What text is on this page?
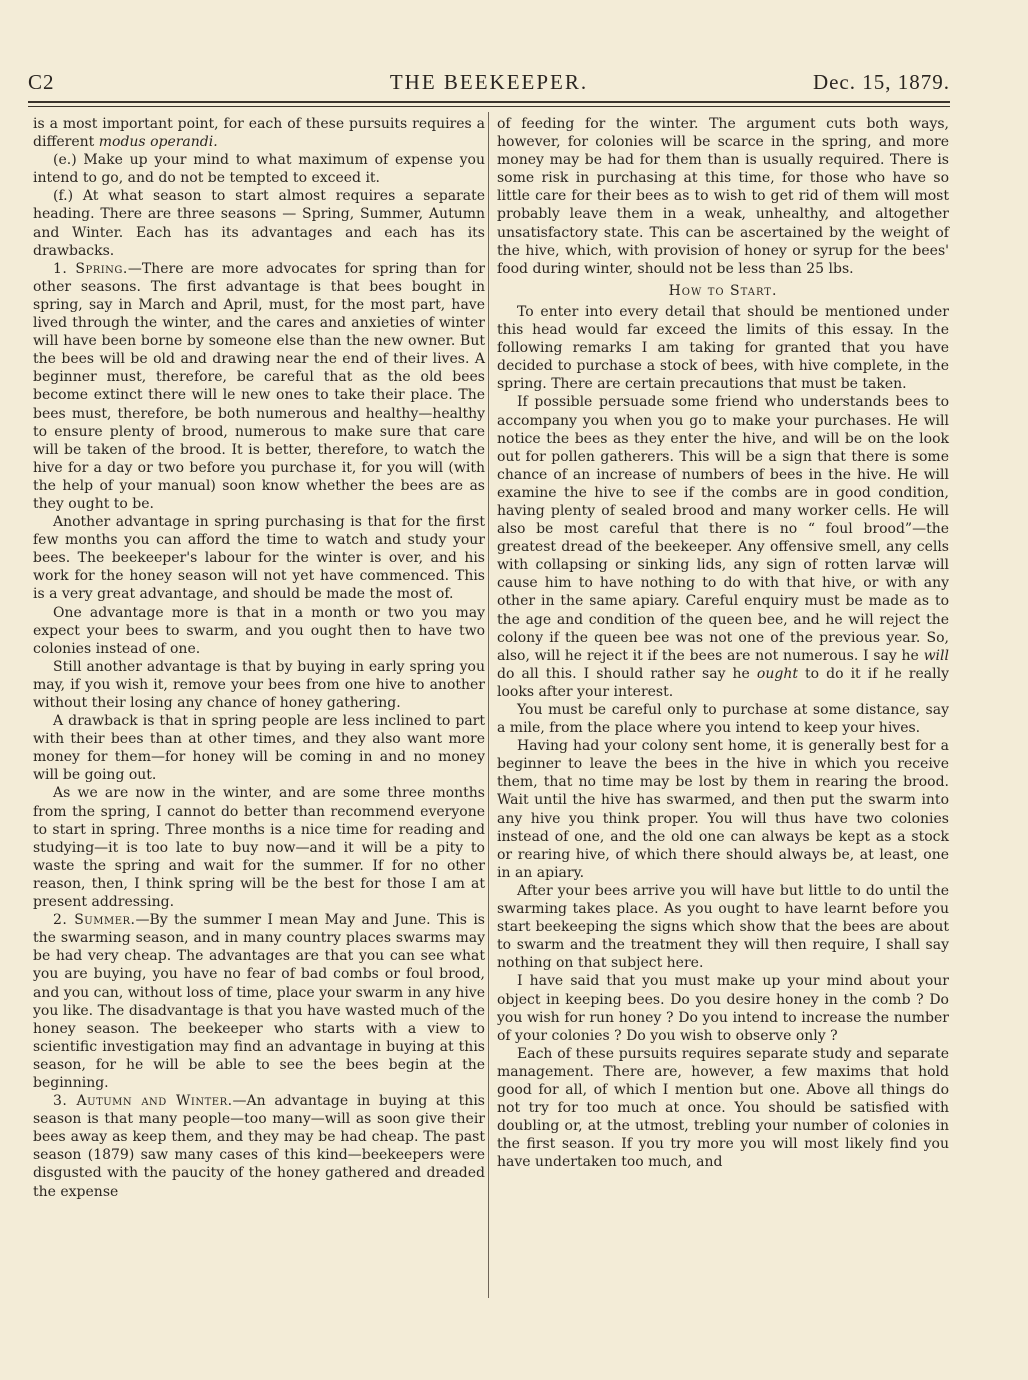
C2	THE BEEKEEPER.	Dec. 15, 1879.

is a most important point, for each of these pursuits requires a different modus operandi.

(e.) Make up your mind to what maximum of expense you intend to go, and do not be tempted to exceed it.

(f.) At what season to start almost requires a separate heading. There are three seasons — Spring, Summer, Autumn and Winter. Each has its advantages and each has its drawbacks.

1. Spring.—There are more advocates for spring than for other seasons. The first advantage is that bees bought in spring, say in March and April, must, for the most part, have lived through the winter, and the cares and anxieties of winter will have been borne by someone else than the new owner. But the bees will be old and drawing near the end of their lives. A beginner must, therefore, be careful that as the old bees become extinct there will le new ones to take their place. The bees must, therefore, be both numerous and healthy—healthy to ensure plenty of brood, numerous to make sure that care will be taken of the brood. It is better, therefore, to watch the hive for a day or two before you purchase it, for you will (with the help of your manual) soon know whether the bees are as they ought to be.

Another advantage in spring purchasing is that for the first few months you can afford the time to watch and study your bees. The beekeeper's labour for the winter is over, and his work for the honey season will not yet have commenced. This is a very great advantage, and should be made the most of.

One advantage more is that in a month or two you may expect your bees to swarm, and you ought then to have two colonies instead of one.

Still another advantage is that by buying in early spring you may, if you wish it, remove your bees from one hive to another without their losing any chance of honey gathering.

A drawback is that in spring people are less inclined to part with their bees than at other times, and they also want more money for them—for honey will be coming in and no money will be going out.

As we are now in the winter, and are some three months from the spring, I cannot do better than recommend everyone to start in spring. Three months is a nice time for reading and studying—it is too late to buy now—and it will be a pity to waste the spring and wait for the summer. If for no other reason, then, I think spring will be the best for those I am at present addressing.

2. Summer.—By the summer I mean May and June. This is the swarming season, and in many country places swarms may be had very cheap. The advantages are that you can see what you are buying, you have no fear of bad combs or foul brood, and you can, without loss of time, place your swarm in any hive you like. The disadvantage is that you have wasted much of the honey season. The beekeeper who starts with a view to scientific investigation may find an advantage in buying at this season, for he will be able to see the bees begin at the beginning.

3. Autumn and Winter.—An advantage in buying at this season is that many people—too many—will as soon give their bees away as keep them, and they may be had cheap. The past season (1879) saw many cases of this kind—beekeepers were disgusted with the paucity of the honey gathered and dreaded the expense

of feeding for the winter. The argument cuts both ways, however, for colonies will be scarce in the spring, and more money may be had for them than is usually required. There is some risk in purchasing at this time, for those who have so little care for their bees as to wish to get rid of them will most probably leave them in a weak, unhealthy, and altogether unsatisfactory state. This can be ascertained by the weight of the hive, which, with provision of honey or syrup for the bees' food during winter, should not be less than 25 lbs.

How to Start.

To enter into every detail that should be mentioned under this head would far exceed the limits of this essay. In the following remarks I am taking for granted that you have decided to purchase a stock of bees, with hive complete, in the spring. There are certain precautions that must be taken.

If possible persuade some friend who understands bees to accompany you when you go to make your purchases. He will notice the bees as they enter the hive, and will be on the look out for pollen gatherers. This will be a sign that there is some chance of an increase of numbers of bees in the hive. He will examine the hive to see if the combs are in good condition, having plenty of sealed brood and many worker cells. He will also be most careful that there is no “ foul brood”—the greatest dread of the beekeeper. Any offensive smell, any cells with collapsing or sinking lids, any sign of rotten larvæ will cause him to have nothing to do with that hive, or with any other in the same apiary. Careful enquiry must be made as to the age and condition of the queen bee, and he will reject the colony if the queen bee was not one of the previous year. So, also, will he reject it if the bees are not numerous. I say he will do all this. I should rather say he ought to do it if he really looks after your interest.

You must be careful only to purchase at some distance, say a mile, from the place where you intend to keep your hives.

Having had your colony sent home, it is generally best for a beginner to leave the bees in the hive in which you receive them, that no time may be lost by them in rearing the brood. Wait until the hive has swarmed, and then put the swarm into any hive you think proper. You will thus have two colonies instead of one, and the old one can always be kept as a stock or rearing hive, of which there should always be, at least, one in an apiary.

After your bees arrive you will have but little to do until the swarming takes place. As you ought to have learnt before you start beekeeping the signs which show that the bees are about to swarm and the treatment they will then require, I shall say nothing on that subject here.

I have said that you must make up your mind about your object in keeping bees. Do you desire honey in the comb ? Do you wish for run honey ? Do you intend to increase the number of your colonies ? Do you wish to observe only ?

Each of these pursuits requires separate study and separate management. There are, however, a few maxims that hold good for all, of which I mention but one. Above all things do not try for too much at once. You should be satisfied with doubling or, at the utmost, trebling your number of colonies in the first season. If you try more you will most likely find you have undertaken too much, and
